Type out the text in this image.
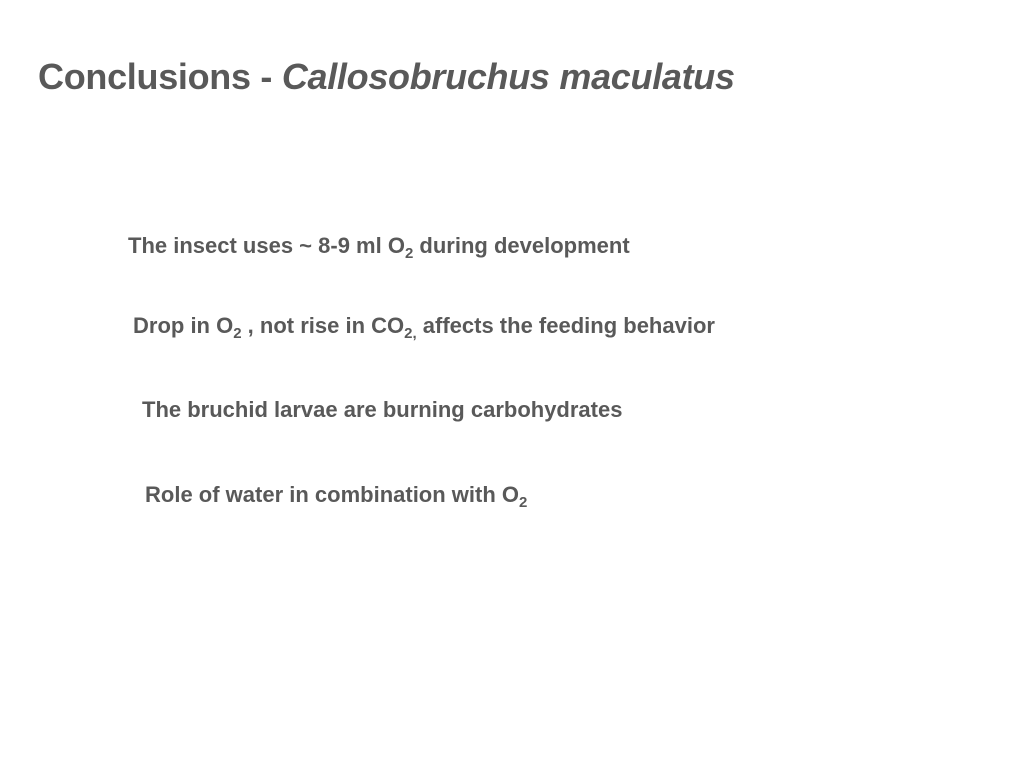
Conclusions - Callosobruchus maculatus
The insect uses ~ 8-9 ml $O_2$ during development
Drop in $O_2$ , not rise in $CO_{2,}$ affects the feeding behavior
The bruchid larvae are burning carbohydrates
Role of water in combination with $O_2$
